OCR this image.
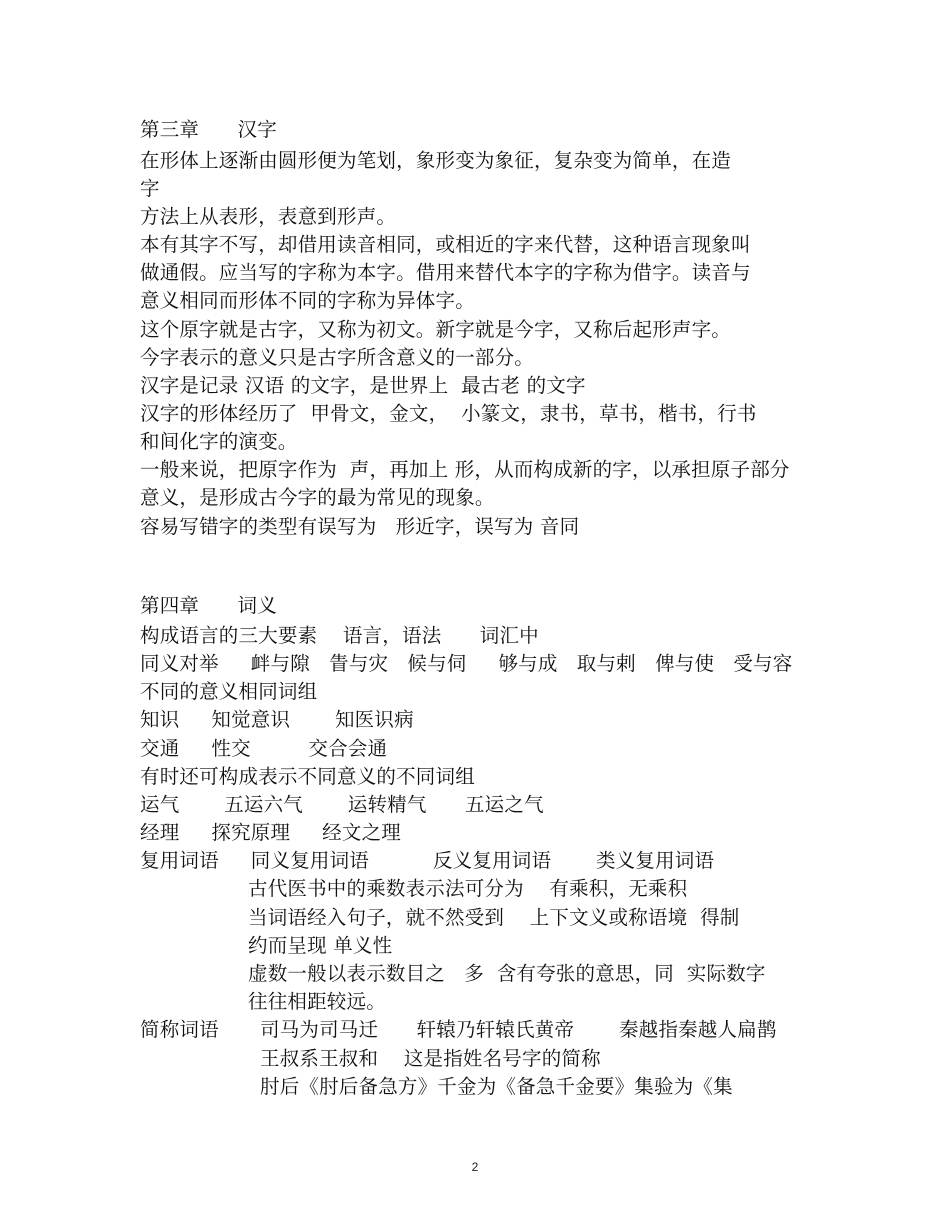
第三章      汉字
在形体上逐渐由圆形便为笔划，象形变为象征，复杂变为简单，在造
字
方法上从表形，表意到形声。
本有其字不写，却借用读音相同，或相近的字来代替，这种语言现象叫
做通假。应当写的字称为本字。借用来替代本字的字称为借字。读音与
意义相同而形体不同的字称为异体字。
这个原字就是古字，又称为初文。新字就是今字，又称后起形声字。
今字表示的意义只是古字所含意义的一部分。
汉字是记录 汉语 的文字，是世界上  最古老 的文字
汉字的形体经历了  甲骨文，金文，  小篆文，隶书，草书，楷书，行书
和间化字的演变。
一般来说，把原字作为  声，再加上 形，从而构成新的字，以承担原子部分
意义，是形成古今字的最为常见的现象。
容易写错字的类型有误写为   形近字，误写为 音同
第四章      词义
构成语言的三大要素    语言，语法      词汇中
同义对举     衅与隙   眚与灾   候与伺     够与成   取与剌   俾与使   受与容
不同的意义相同词组
知识     知觉意识       知医识病
交通     性交         交合会通
有时还可构成表示不同意义的不同词组
运气       五运六气       运转精气      五运之气
经理     探究原理     经文之理
复用词语     同义复用词语          反义复用词语       类义复用词语
古代医书中的乘数表示法可分为    有乘积，无乘积
当词语经入句子，就不然受到    上下文义或称语境  得制
约而呈现 单义性
虚数一般以表示数目之   多  含有夸张的意思，同  实际数字
往往相距较远。
简称词语 司马为司马迁      轩辕乃轩辕氏黄帝       秦越指秦越人扁鹊
王叔系王叔和    这是指姓名号字的简称
肘后《肘后备急方》千金为《备急千金要》集验为《集
2
